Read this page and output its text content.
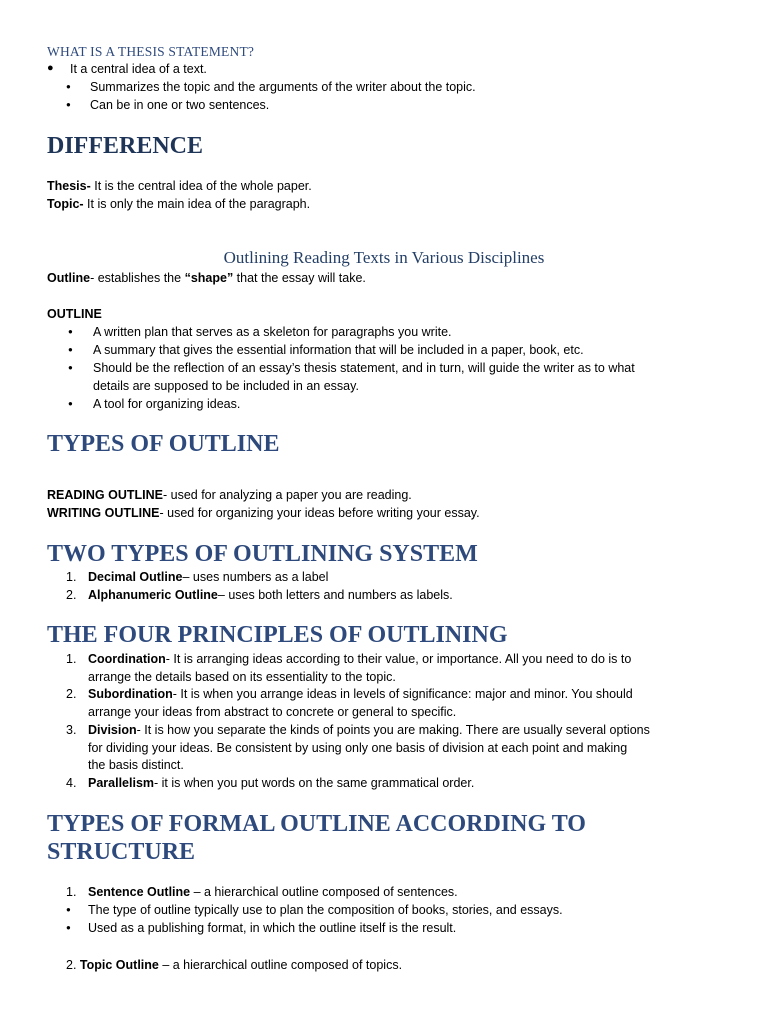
WHAT IS A THESIS STATEMENT?
● It a central idea of a text.
● Summarizes the topic and the arguments of the writer about the topic.
● Can be in one or two sentences.
DIFFERENCE
Thesis- It is the central idea of the whole paper.
Topic- It is only the main idea of the paragraph.
Outlining Reading Texts in Various Disciplines
Outline- establishes the “shape” that the essay will take.
OUTLINE
● A written plan that serves as a skeleton for paragraphs you write.
● A summary that gives the essential information that will be included in a paper, book, etc.
● Should be the reflection of an essay’s thesis statement, and in turn, will guide the writer as to what
details are supposed to be included in an essay.
● A tool for organizing ideas.
TYPES OF OUTLINE
READING OUTLINE- used for analyzing a paper you are reading.
WRITING OUTLINE- used for organizing your ideas before writing your essay.
TWO TYPES OF OUTLINING SYSTEM
1. Decimal Outline– uses numbers as a label
2. Alphanumeric Outline– uses both letters and numbers as labels.
THE FOUR PRINCIPLES OF OUTLINING
1. Coordination- It is arranging ideas according to their value, or importance. All you need to do is to
arrange the details based on its essentiality to the topic.
2. Subordination- It is when you arrange ideas in levels of significance: major and minor. You should
arrange your ideas from abstract to concrete or general to specific.
3. Division- It is how you separate the kinds of points you are making. There are usually several options
for dividing your ideas. Be consistent by using only one basis of division at each point and making
the basis distinct.
4. Parallelism- it is when you put words on the same grammatical order.
TYPES OF FORMAL OUTLINE ACCORDING TO
STRUCTURE
1. Sentence Outline – a hierarchical outline composed of sentences.
● The type of outline typically use to plan the composition of books, stories, and essays.
● Used as a publishing format, in which the outline itself is the result.
2. Topic Outline – a hierarchical outline composed of topics.
